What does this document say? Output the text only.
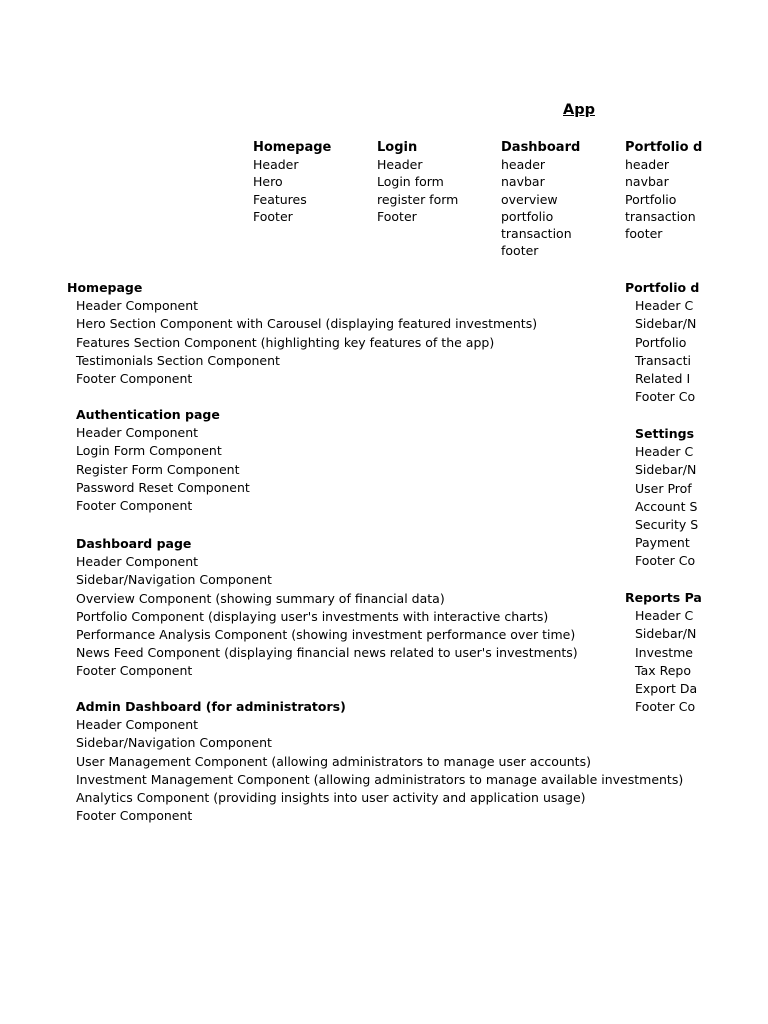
App
Homepage
Header
Hero
Features
Footer
Login
Header
Login form
register form
Footer
Dashboard
header
navbar
overview
portfolio
transaction
footer
Portfolio d
header
navbar
Portfolio
transaction
footer
Homepage
Header Component
Hero Section Component with Carousel (displaying featured investments)
Features Section Component (highlighting key features of the app)
Testimonials Section Component
Footer Component
Authentication page
Header Component
Login Form Component
Register Form Component
Password Reset Component
Footer Component
Dashboard page
Header Component
Sidebar/Navigation Component
Overview Component (showing summary of financial data)
Portfolio Component (displaying user's investments with interactive charts)
Performance Analysis Component (showing investment performance over time)
News Feed Component (displaying financial news related to user's investments)
Footer Component
Admin Dashboard (for administrators)
Header Component
Sidebar/Navigation Component
User Management Component (allowing administrators to manage user accounts)
Investment Management Component (allowing administrators to manage available investments)
Analytics Component (providing insights into user activity and application usage)
Footer Component
Portfolio d
Header C
Sidebar/N
Portfolio
Transacti
Related I
Footer Co
Settings
Header C
Sidebar/N
User Prof
Account S
Security S
Payment
Footer Co
Reports Pa
Header C
Sidebar/N
Investme
Tax Repo
Export Da
Footer Co
